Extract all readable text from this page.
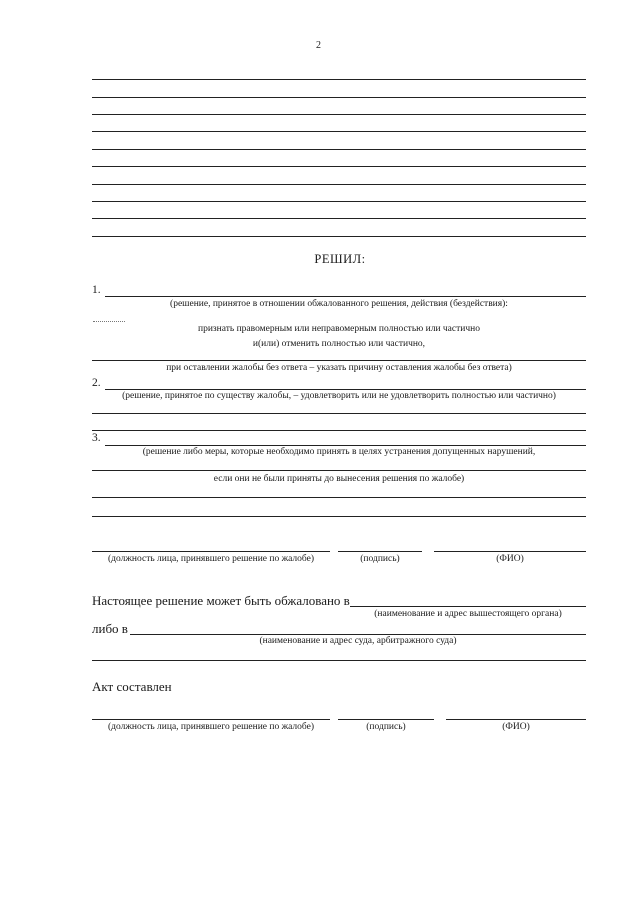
2
РЕШИЛ:
1.
(решение, принятое в отношении обжалованного решения, действия (бездействия):
признать правомерным или неправомерным полностью или частично
и(или) отменить полностью или частично,
при оставлении жалобы без ответа – указать причину оставления жалобы без ответа)
2.
(решение, принятое по существу жалобы, – удовлетворить или не удовлетворить полностью или частично)
3.
(решение либо меры, которые необходимо принять в целях устранения допущенных нарушений,
если они не были приняты до вынесения решения по жалобе)
(должность лица, принявшего решение по жалобе)	(подпись)	(ФИО)
Настоящее решение может быть обжаловано в
(наименование и адрес вышестоящего органа)
либо в
(наименование и адрес суда, арбитражного суда)
Акт составлен
(должность лица, принявшего решение по жалобе)	(подпись)	(ФИО)
